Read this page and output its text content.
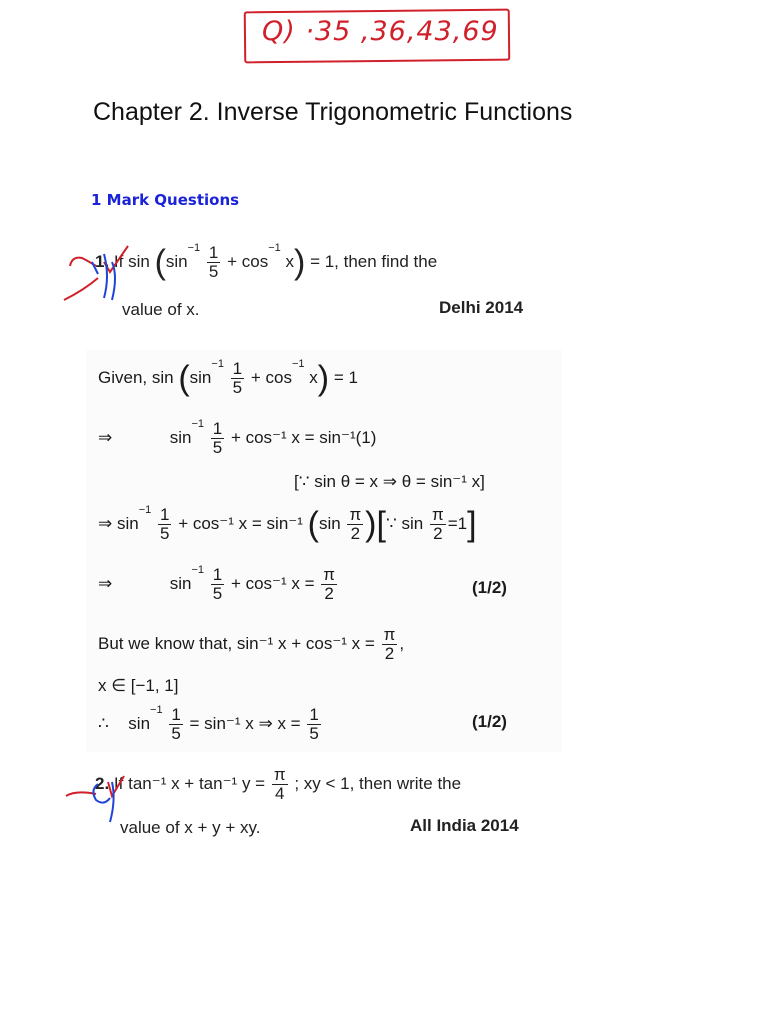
Q) ·35 ,36,43,69
Chapter 2. Inverse Trigonometric Functions
1 Mark Questions
1. If $\sin (\sin^{-1} \frac{1}{5} + \cos^{-1} x) = 1$, then find the
value of x.	Delhi 2014
Given, $\sin (\sin^{-1} \frac{1}{5} + \cos^{-1} x) = 1$
⇒	$\sin^{-1} \frac{1}{5} + \cos^{-1}$ x = sin⁻¹(1)
[∵ sin θ = x ⇒ θ = sin⁻¹ x]
⇒ $\sin^{-1} \frac{1}{5} + \cos^{-1}$ x = sin⁻¹ ($\sin \frac{\pi}{2}$ )[∵ $\sin \frac{\pi}{2} =1$]
⇒	$\sin^{-1} \frac{1}{5} + \cos^{-1}$ $x = \frac{\pi}{2}$	(1/2)
But we know that, sin⁻¹ x + cos⁻¹ $x = \frac{\pi}{2}$ ,
x ∈ [−1, 1]
∴ $\sin^{-1} \frac{1}{5} = \sin^{-1}$ x ⇒ $x = \frac{1}{5}$	(1/2)
2. If tan⁻¹ x + tan⁻¹ $y = \frac{\pi}{4}$ ; xy < 1, then write the
value of x + y + xy.	All India 2014
